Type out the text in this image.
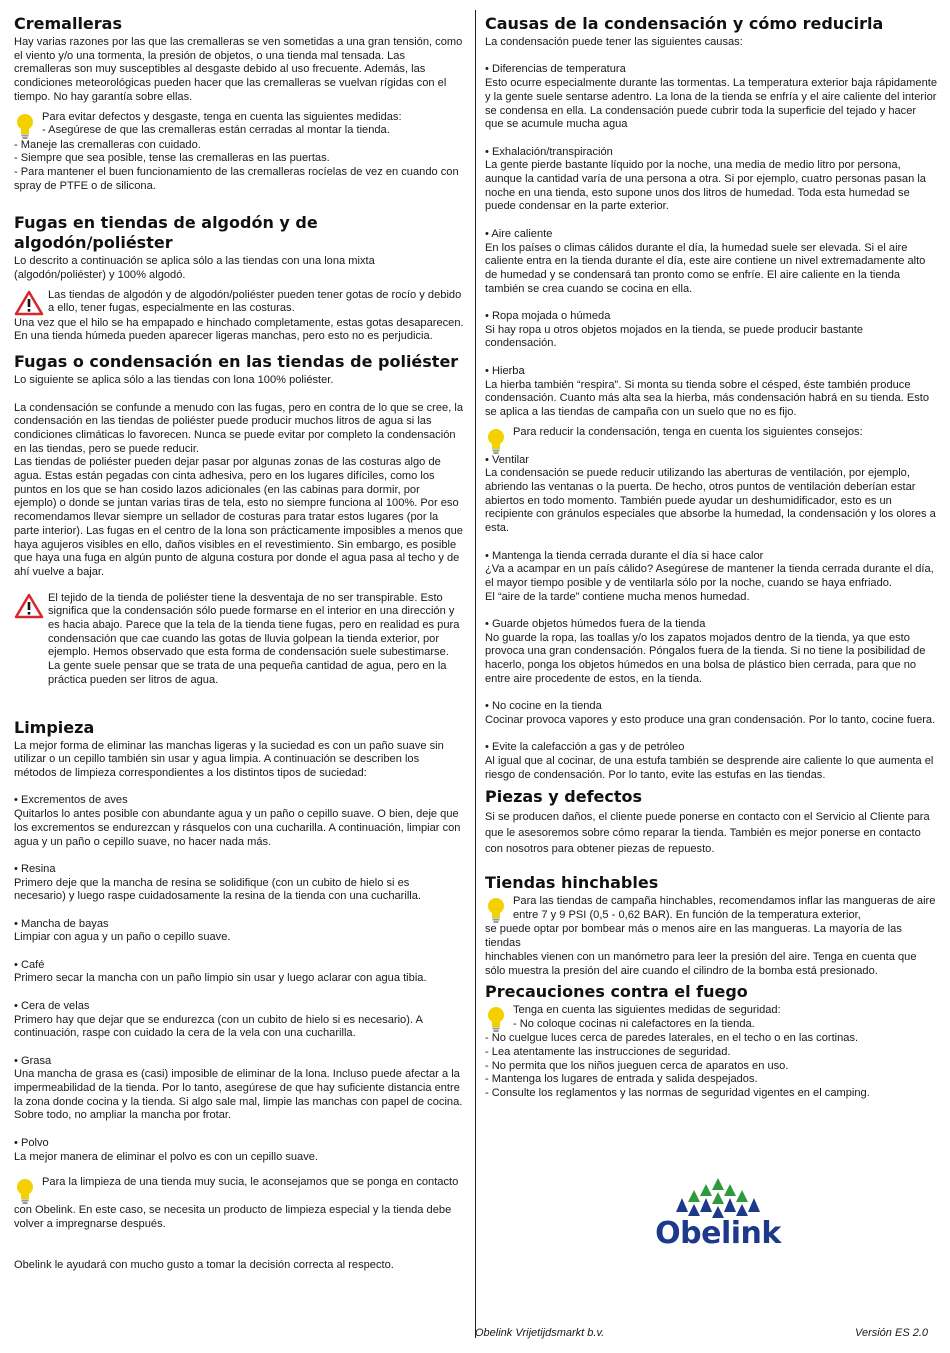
Cremalleras

Hay varias razones por las que las cremalleras se ven sometidas a una gran tensión, como el viento y/o una tormenta, la presión de objetos, o una tienda mal tensada. Las cremalleras son muy susceptibles al desgaste debido al uso frecuente. Además, las condiciones meteorológicas pueden hacer que las cremalleras se vuelvan rígidas con el tiempo. No hay garantía sobre ellas.

Para evitar defectos y desgaste, tenga en cuenta las siguientes medidas:

- Asegúrese de que las cremalleras están cerradas al montar la tienda.

- Maneje las cremalleras con cuidado.

- Siempre que sea posible, tense las cremalleras en las puertas.

- Para mantener el buen funcionamiento de las cremalleras rocíelas de vez en cuando con spray de PTFE o de silicona.

Fugas en tiendas de algodón y de algodón/poliéster

Lo descrito a continuación se aplica sólo a las tiendas con una lona mixta (algodón/poliéster) y 100% algodó.

Las tiendas de algodón y de algodón/poliéster pueden tener gotas de rocío y debido a ello, tener fugas, especialmente en las costuras.

Una vez que el hilo se ha empapado e hinchado completamente, estas gotas desaparecen. En una tienda húmeda pueden aparecer ligeras manchas, pero esto no es perjudicia.

Fugas o condensación en las tiendas de poliéster

Lo siguiente se aplica sólo a las tiendas con lona 100% poliéster.

La condensación se confunde a menudo con las fugas, pero en contra de lo que se cree, la condensación en las tiendas de poliéster puede producir muchos litros de agua si las condiciones climáticas lo favorecen. Nunca se puede evitar por completo la condensación en las tiendas, pero se puede reducir.

Las tiendas de poliéster pueden dejar pasar por algunas zonas de las costuras algo de agua. Estas están pegadas con cinta adhesiva, pero en los lugares difíciles, como los puntos en los que se han cosido lazos adicionales (en las cabinas para dormir, por ejemplo) o donde se juntan varias tiras de tela, esto no siempre funciona al 100%. Por eso recomendamos llevar siempre un sellador de costuras para tratar estos lugares (por la parte interior). Las fugas en el centro de la lona son prácticamente imposibles a menos que haya agujeros visibles en ello, daños visibles en el revestimiento. Sin embargo, es posible que haya una fuga en algún punto de alguna costura por donde el agua pasa al techo y de ahí vuelve a bajar.

El tejido de la tienda de poliéster tiene la desventaja de no ser transpirable. Esto significa que la condensación sólo puede formarse en el interior en una dirección y es hacia abajo. Parece que la tela de la tienda tiene fugas, pero en realidad es pura condensación que cae cuando las gotas de lluvia golpean la tienda exterior, por ejemplo. Hemos observado que esta forma de condensación suele subestimarse. La gente suele pensar que se trata de una pequeña cantidad de agua, pero en la práctica pueden ser litros de agua.

Limpieza

La mejor forma de eliminar las manchas ligeras y la suciedad es con un paño suave sin utilizar o un cepillo también sin usar y agua limpia. A continuación se describen los métodos de limpieza correspondientes a los distintos tipos de suciedad:

• Excrementos de aves

Quitarlos lo antes posible con abundante agua y un paño o cepillo suave. O bien, deje que los excrementos se endurezcan y rásquelos con una cucharilla. A continuación, limpiar con agua y un paño o cepillo suave, no hacer nada más.

• Resina

Primero deje que la mancha de resina se solidifique (con un cubito de hielo si es necesario) y luego raspe cuidadosamente la resina de la tienda con una cucharilla.

• Mancha de bayas

Limpiar con agua y un paño o cepillo suave.

• Café

Primero secar la mancha con un paño limpio sin usar y luego aclarar con agua tibia.

• Cera de velas

Primero hay que dejar que se endurezca (con un cubito de hielo si es necesario). A continuación, raspe con cuidado la cera de la vela con una cucharilla.

• Grasa

Una mancha de grasa es (casi) imposible de eliminar de la lona. Incluso puede afectar a la impermeabilidad de la tienda. Por lo tanto, asegúrese de que hay suficiente distancia entre la zona donde cocina y la tienda. Si algo sale mal, limpie las manchas con papel de cocina. Sobre todo, no ampliar la mancha por frotar.

• Polvo

La mejor manera de eliminar el polvo es con un cepillo suave.

Para la limpieza de una tienda muy sucia, le aconsejamos que se ponga en contacto

con Obelink. En este caso, se necesita un producto de limpieza especial y la tienda debe volver a impregnarse después.

Obelink le ayudará con mucho gusto a tomar la decisión correcta al respecto.

Causas de la condensación y cómo reducirla

La condensación puede tener las siguientes causas:

• Diferencias de temperatura

Esto ocurre especialmente durante las tormentas. La temperatura exterior baja rápidamente y la gente suele sentarse adentro. La lona de la tienda se enfría y el aire caliente del interior se condensa en ella. La condensación puede cubrir toda la superficie del tejado y hacer que se acumule mucha agua

• Exhalación/transpiración

La gente pierde bastante líquido por la noche, una media de medio litro por persona, aunque la cantidad varía de una persona a otra. Si por ejemplo, cuatro personas pasan la noche en una tienda, esto supone unos dos litros de humedad. Toda esta humedad se puede condensar en la parte exterior.

• Aire caliente

En los países o climas cálidos durante el día, la humedad suele ser elevada. Si el aire caliente entra en la tienda durante el día, este aire contiene un nivel extremadamente alto de humedad y se condensará tan pronto como se enfríe. El aire caliente en la tienda también se crea cuando se cocina en ella.

• Ropa mojada o húmeda

Si hay ropa u otros objetos mojados en la tienda, se puede producir bastante condensación.

• Hierba

La hierba también “respira”. Si monta su tienda sobre el césped, éste también produce condensación. Cuanto más alta sea la hierba, más condensación habrá en su tienda. Esto se aplica a las tiendas de campaña con un suelo que no es fijo.

Para reducir la condensación, tenga en cuenta los siguientes consejos:

• Ventilar

La condensación se puede reducir utilizando las aberturas de ventilación, por ejemplo, abriendo las ventanas o la puerta. De hecho, otros puntos de ventilación deberían estar abiertos en todo momento. También puede ayudar un deshumidificador, esto es un recipiente con gránulos especiales que absorbe la humedad, la condensación y los olores a esta.

• Mantenga la tienda cerrada durante el día si hace calor

¿Va a acampar en un país cálido? Asegúrese de mantener la tienda cerrada durante el día, el mayor tiempo posible y de ventilarla sólo por la noche, cuando se haya enfriado.

El “aire de la tarde” contiene mucha menos humedad.

• Guarde objetos húmedos fuera de la tienda

No guarde la ropa, las toallas y/o los zapatos mojados dentro de la tienda, ya que esto provoca una gran condensación. Póngalos fuera de la tienda. Si no tiene la posibilidad de hacerlo, ponga los objetos húmedos en una bolsa de plástico bien cerrada, para que no entre aire procedente de estos, en la tienda.

• No cocine en la tienda

Cocinar provoca vapores y esto produce una gran condensación. Por lo tanto, cocine fuera.

• Evite la calefacción a gas y de petróleo

Al igual que al cocinar, de una estufa también se desprende aire caliente lo que aumenta el riesgo de condensación. Por lo tanto, evite las estufas en las tiendas.

Piezas y defectos

Si se producen daños, el cliente puede ponerse en contacto con el Servicio al Cliente para que le asesoremos sobre cómo reparar la tienda. También es mejor ponerse en contacto con nosotros para obtener piezas de repuesto.

Tiendas hinchables

Para las tiendas de campaña hinchables, recomendamos inflar las mangueras de aire entre 7 y 9 PSI (0,5 - 0,62 BAR). En función de la temperatura exterior,

se puede optar por bombear más o menos aire en las mangueras. La mayoría de las tiendas

hinchables vienen con un manómetro para leer la presión del aire. Tenga en cuenta que sólo muestra la presión del aire cuando el cilindro de la bomba está presionado.

Precauciones contra el fuego

Tenga en cuenta las siguientes medidas de seguridad:

- No coloque cocinas ni calefactores en la tienda.

- No cuelgue luces cerca de paredes laterales, en el techo o en las cortinas.

- Lea atentamente las instrucciones de seguridad.

- No permita que los niños jueguen cerca de aparatos en uso.

- Mantenga los lugares de entrada y salida despejados.

- Consulte los reglamentos y las normas de seguridad vigentes en el camping.

Obelink
Obelink Vrijetijdsmarkt b.v.	Versión ES 2.0
